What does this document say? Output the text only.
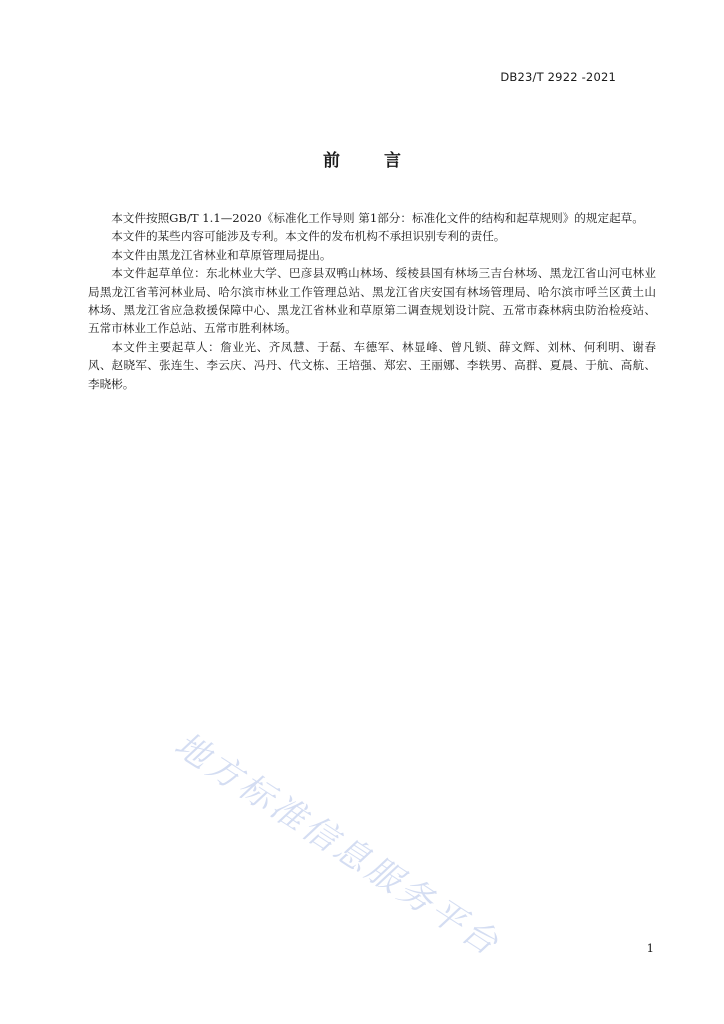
DB23/T 2922 -2021
前言

本文件按照GB/T 1.1—2020《标准化工作导则 第1部分：标准化文件的结构和起草规则》的规定起草。

本文件的某些内容可能涉及专利。本文件的发布机构不承担识别专利的责任。

本文件由黑龙江省林业和草原管理局提出。

本文件起草单位：东北林业大学、巴彦县双鸭山林场、绥棱县国有林场三吉台林场、黑龙江省山河屯林业局黑龙江省苇河林业局、哈尔滨市林业工作管理总站、黑龙江省庆安国有林场管理局、哈尔滨市呼兰区黄土山林场、黑龙江省应急救援保障中心、黑龙江省林业和草原第二调查规划设计院、五常市森林病虫防治检疫站、五常市林业工作总站、五常市胜利林场。

本文件主要起草人：詹业光、齐凤慧、于磊、车德军、林显峰、曾凡锁、薛文辉、刘林、何利明、谢春风、赵晓军、张连生、李云庆、冯丹、代文栋、王培强、郑宏、王丽娜、李轶男、高群、夏晨、于航、高航、李晓彬。

地方标准信息服务平台	1
